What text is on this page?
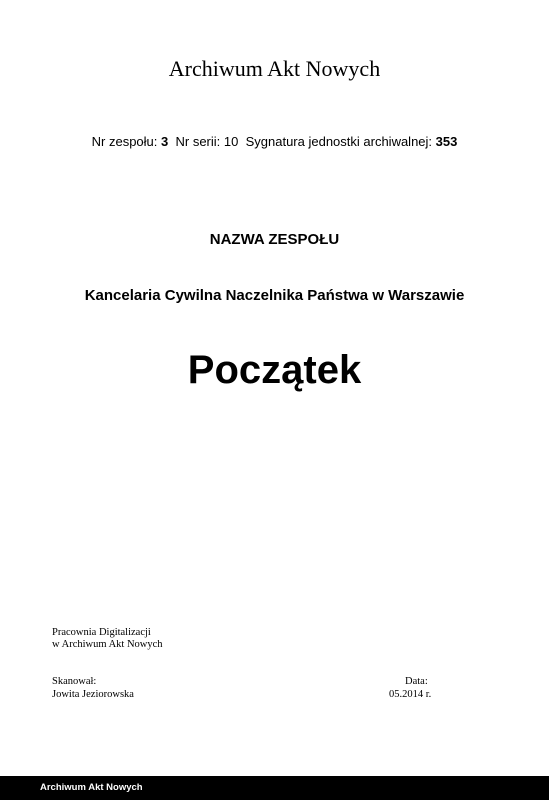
Archiwum Akt Nowych
Nr zespołu: 3 Nr serii: 10 Sygnatura jednostki archiwalnej: 353
NAZWA ZESPOŁU
Kancelaria Cywilna Naczelnika Państwa w Warszawie
Początek
Pracownia Digitalizacji
w Archiwum Akt Nowych
Skanował:
Jowita Jeziorowska
Data:
05.2014 r.
Archiwum Akt Nowych
